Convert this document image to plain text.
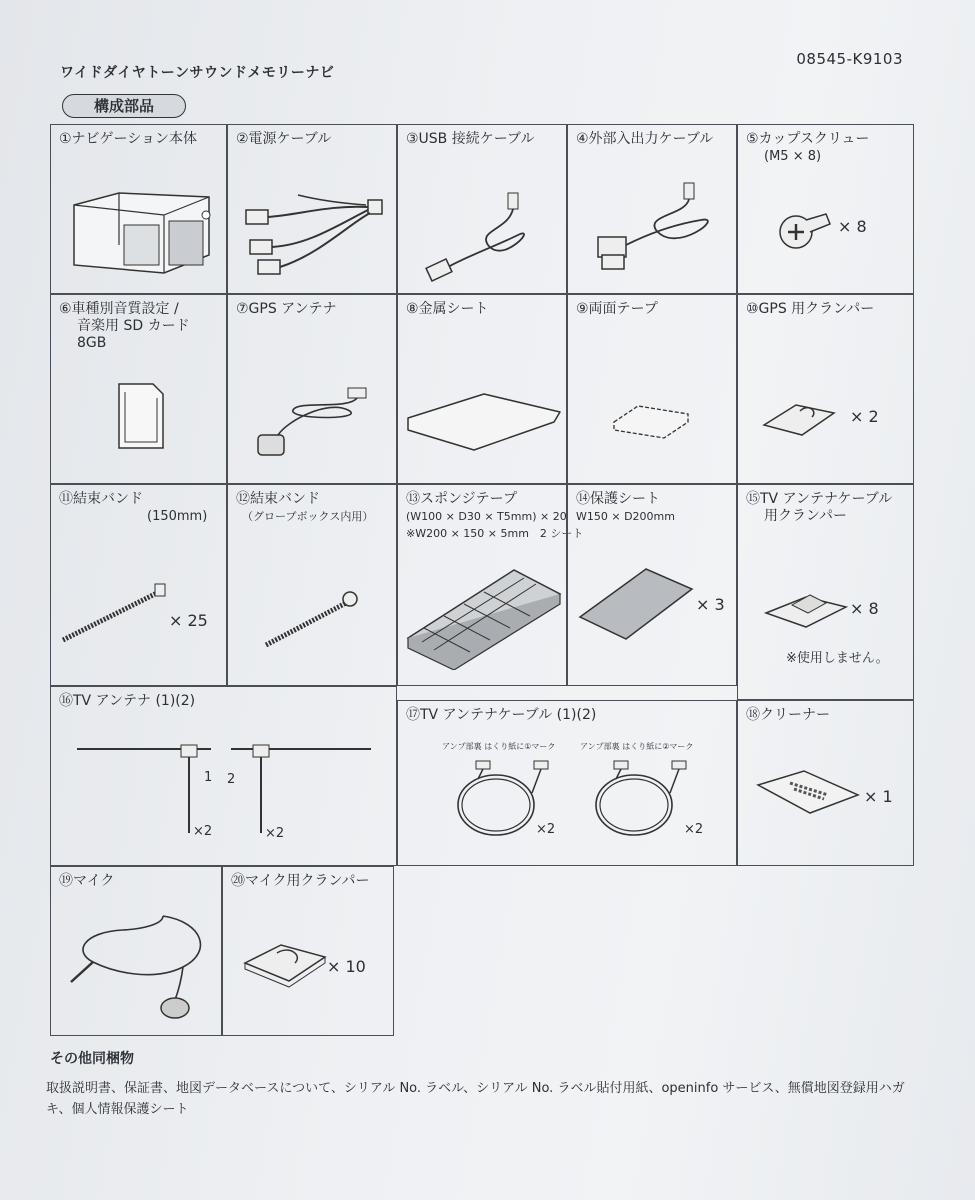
ワイドダイヤトーンサウンドメモリーナビ
08545-K9103
構成部品
①ナビゲーション本体	②電源ケーブル	③USB 接続ケーブル	④外部入出力ケーブル ⑤カップスクリュー
(M5 × 8)
× 8
⑥車種別音質設定 /
音楽用 SD カード
8GB
⑦GPS アンテナ	⑧金属シート	⑨両面テープ	⑩GPS 用クランパー
× 2
⑪結束バンド
(150mm)
× 25
⑫結束バンド
（グローブボックス内用）
⑬スポンジテープ
(W100 × D30 × T5mm) × 20
※W200 × 150 × 5mm　2 シート
⑭保護シート
W150 × D200mm
× 3
⑮TV アンテナケーブル
用クランパー
× 8
※使用しません。
⑯TV アンテナ (1)(2)
1 2
×2	×2
⑰TV アンテナケーブル (1)(2)
アンプ部裏 はくり紙に①マーク	アンプ部裏 はくり紙に②マーク
×2	×2
⑱クリーナー
× 1
⑲マイク	⑳マイク用クランパー
× 10
その他同梱物
取扱説明書、保証書、地図データベースについて、シリアル No. ラベル、シリアル No. ラベル貼付用紙、openinfo サービス、無償地図登録用ハガキ、個人情報保護シート
